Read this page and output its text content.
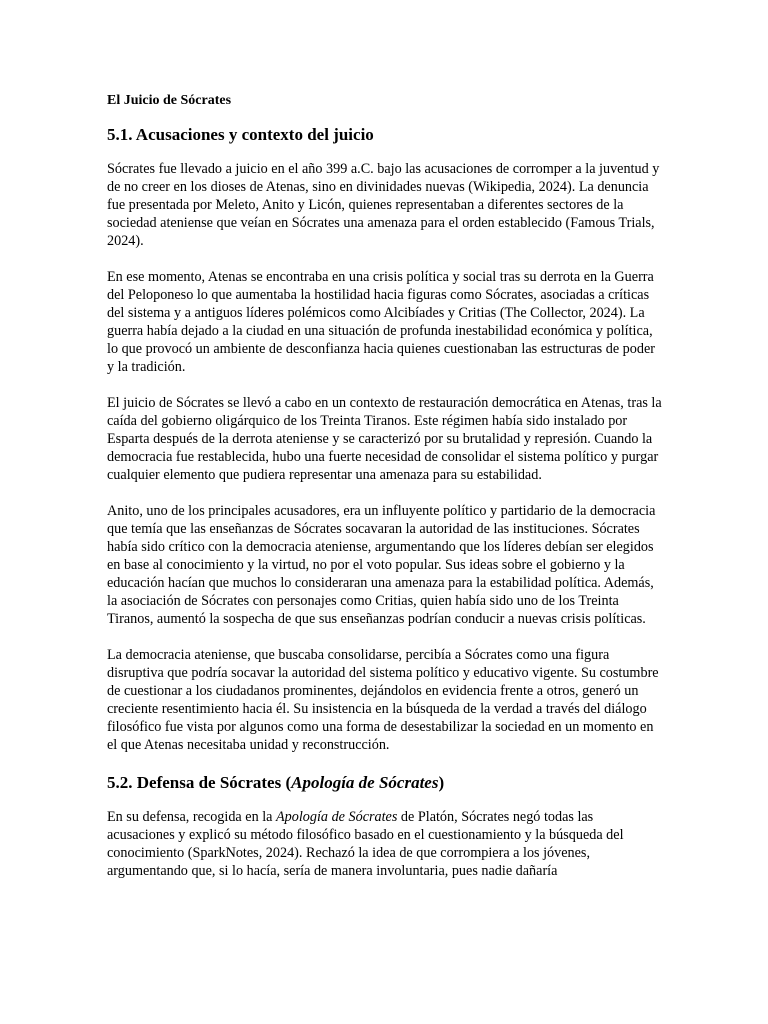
El Juicio de Sócrates
5.1. Acusaciones y contexto del juicio

Sócrates fue llevado a juicio en el año 399 a.C. bajo las acusaciones de corromper a la juventud y de no creer en los dioses de Atenas, sino en divinidades nuevas (Wikipedia, 2024). La denuncia fue presentada por Meleto, Anito y Licón, quienes representaban a diferentes sectores de la sociedad ateniense que veían en Sócrates una amenaza para el orden establecido (Famous Trials, 2024).

En ese momento, Atenas se encontraba en una crisis política y social tras su derrota en la Guerra del Peloponeso lo que aumentaba la hostilidad hacia figuras como Sócrates, asociadas a críticas del sistema y a antiguos líderes polémicos como Alcibíades y Critias (The Collector, 2024). La guerra había dejado a la ciudad en una situación de profunda inestabilidad económica y política, lo que provocó un ambiente de desconfianza hacia quienes cuestionaban las estructuras de poder y la tradición.

El juicio de Sócrates se llevó a cabo en un contexto de restauración democrática en Atenas, tras la caída del gobierno oligárquico de los Treinta Tiranos. Este régimen había sido instalado por Esparta después de la derrota ateniense y se caracterizó por su brutalidad y represión. Cuando la democracia fue restablecida, hubo una fuerte necesidad de consolidar el sistema político y purgar cualquier elemento que pudiera representar una amenaza para su estabilidad.

Anito, uno de los principales acusadores, era un influyente político y partidario de la democracia que temía que las enseñanzas de Sócrates socavaran la autoridad de las instituciones. Sócrates había sido crítico con la democracia ateniense, argumentando que los líderes debían ser elegidos en base al conocimiento y la virtud, no por el voto popular. Sus ideas sobre el gobierno y la educación hacían que muchos lo consideraran una amenaza para la estabilidad política. Además, la asociación de Sócrates con personajes como Critias, quien había sido uno de los Treinta Tiranos, aumentó la sospecha de que sus enseñanzas podrían conducir a nuevas crisis políticas.

La democracia ateniense, que buscaba consolidarse, percibía a Sócrates como una figura disruptiva que podría socavar la autoridad del sistema político y educativo vigente. Su costumbre de cuestionar a los ciudadanos prominentes, dejándolos en evidencia frente a otros, generó un creciente resentimiento hacia él. Su insistencia en la búsqueda de la verdad a través del diálogo filosófico fue vista por algunos como una forma de desestabilizar la sociedad en un momento en el que Atenas necesitaba unidad y reconstrucción.

5.2. Defensa de Sócrates (Apología de Sócrates)

En su defensa, recogida en la Apología de Sócrates de Platón, Sócrates negó todas las acusaciones y explicó su método filosófico basado en el cuestionamiento y la búsqueda del conocimiento (SparkNotes, 2024). Rechazó la idea de que corrompiera a los jóvenes, argumentando que, si lo hacía, sería de manera involuntaria, pues nadie dañaría
